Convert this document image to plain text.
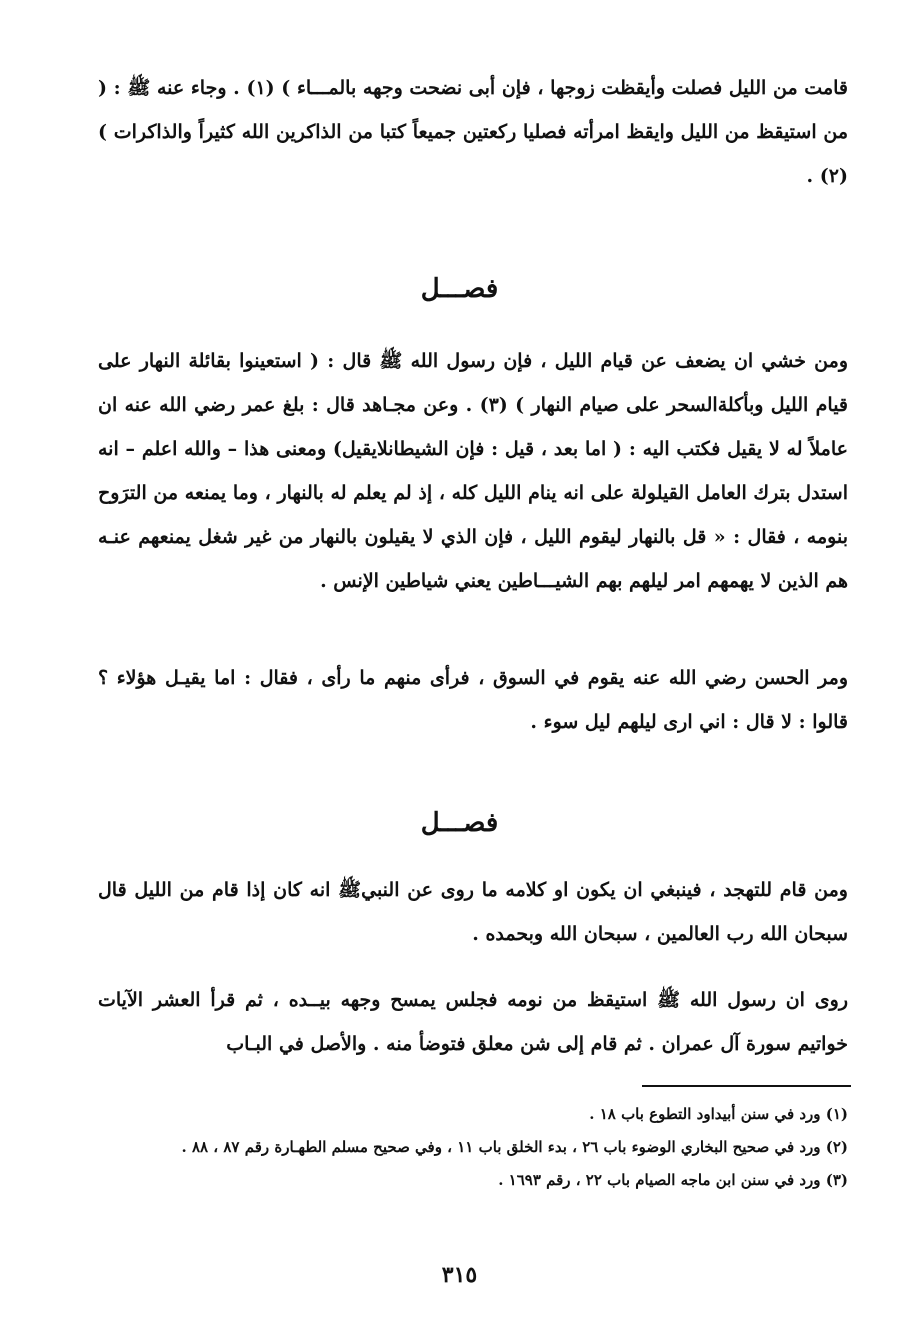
قامت من الليل فصلت وأيقظت زوجها ، فإن أبى نضحت وجهه بالمـــاء ) (١) . وجاء عنه ﷺ : ( من استيقظ من الليل وايقظ امرأته فصليا ركعتين جميعاً كتبا من الذاكرين الله كثيراً والذاكرات ) (٢) .

فصـــل

ومن خشي ان يضعف عن قيام الليل ، فإن رسول الله ﷺ قال : ( استعينوا بقائلة النهار على قيام الليل وبأكلةالسحر على صيام النهار ) (٣) . وعن مجـاهد قال : بلغ عمر رضي الله عنه ان عاملاً له لا يقيل فكتب اليه : ( اما بعد ، قيل : فإن الشيطانلايقيل) ومعنى هذا – والله اعلم – انه استدل بترك العامل القيلولة على انه ينام الليل كله ، إذ لم يعلم له بالنهار ، وما يمنعه من الترَوح بنومه ، فقال : « قل بالنهار ليقوم الليل ، فإن الذي لا يقيلون بالنهار من غير شغل يمنعهم عنـه هم الذين لا يهمهم امر ليلهم بهم الشيـــاطين يعني شياطين الإنس .

ومر الحسن رضي الله عنه يقوم في السوق ، فرأى منهم ما رأى ، فقال : اما يقيـل هؤلاء ؟ قالوا : لا قال : اني ارى ليلهم ليل سوء .

فصـــل

ومن قام للتهجد ، فينبغي ان يكون او كلامه ما روى عن النبيﷺ انه كان إذا قام من الليل قال سبحان الله رب العالمين ، سبحان الله وبحمده .

روى ان رسول الله ﷺ استيقظ من نومه فجلس يمسح وجهه بيــده ، ثم قرأ العشر الآيات خواتيم سورة آل عمران . ثم قام إلى شن معلق فتوضأ منه . والأصل في البـاب

(١) ورد في سنن أبيداود التطوع باب ١٨ .
(٢) ورد في صحيح البخاري الوضوء باب ٢٦ ، بدء الخلق باب ١١ ، وفي صحيح مسلم الطهـارة رقم ٨٧ ، ٨٨ .
(٣) ورد في سنن ابن ماجه الصيام باب ٢٢ ، رقم ١٦٩٣ .
٣١٥
